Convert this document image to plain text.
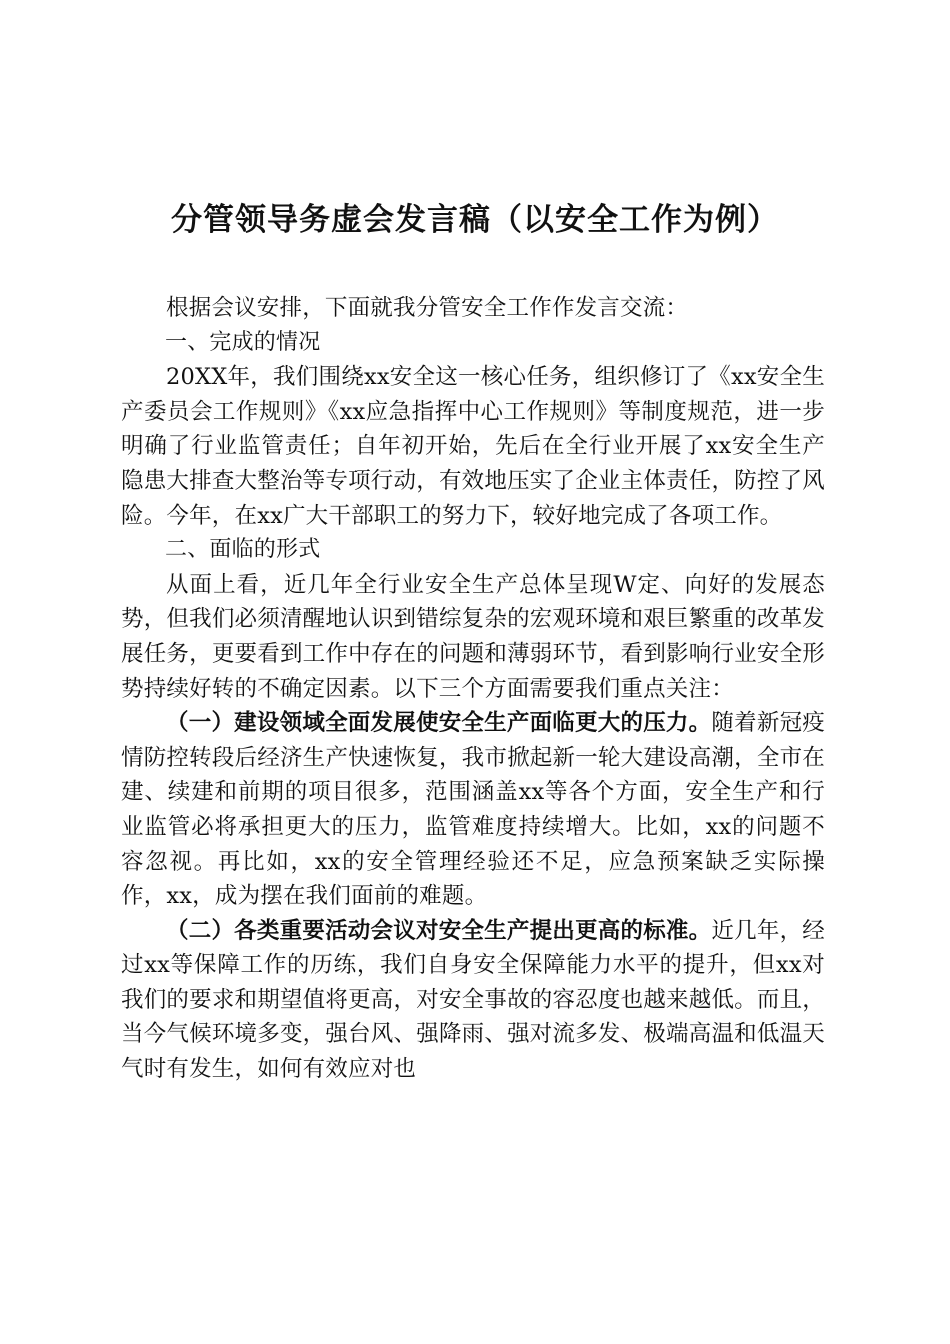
分管领导务虚会发言稿（以安全工作为例）

根据会议安排，下面就我分管安全工作作发言交流：

一、完成的情况

20XX年，我们围绕xx安全这一核心任务，组织修订了《xx安全生产委员会工作规则》《xx应急指挥中心工作规则》等制度规范，进一步明确了行业监管责任；自年初开始，先后在全行业开展了xx安全生产隐患大排查大整治等专项行动，有效地压实了企业主体责任，防控了风险。今年，在xx广大干部职工的努力下，较好地完成了各项工作。

二、面临的形式

从面上看，近几年全行业安全生产总体呈现W定、向好的发展态势，但我们必须清醒地认识到错综复杂的宏观环境和艰巨繁重的改革发展任务，更要看到工作中存在的问题和薄弱环节，看到影响行业安全形势持续好转的不确定因素。以下三个方面需要我们重点关注：

（一）建设领域全面发展使安全生产面临更大的压力。随着新冠疫情防控转段后经济生产快速恢复，我市掀起新一轮大建设高潮，全市在建、续建和前期的项目很多，范围涵盖xx等各个方面，安全生产和行业监管必将承担更大的压力，监管难度持续增大。比如，xx的问题不容忽视。再比如，xx的安全管理经验还不足，应急预案缺乏实际操作，xx，成为摆在我们面前的难题。

（二）各类重要活动会议对安全生产提出更高的标准。近几年，经过xx等保障工作的历练，我们自身安全保障能力水平的提升，但xx对我们的要求和期望值将更高，对安全事故的容忍度也越来越低。而且，当今气候环境多变，强台风、强降雨、强对流多发、极端高温和低温天气时有发生，如何有效应对也
